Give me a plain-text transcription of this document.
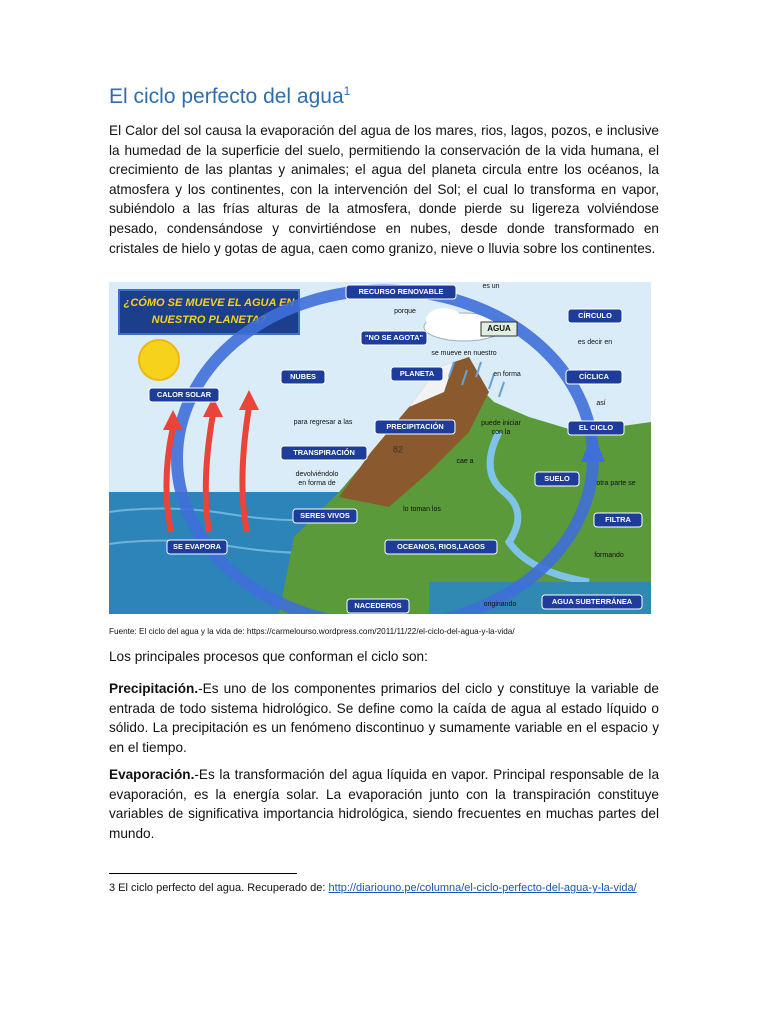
El ciclo perfecto del agua$^1$

El Calor del sol causa la evaporación del agua de los mares, rios, lagos, pozos, e inclusive la humedad de la superficie del suelo, permitiendo la conservación de la vida humana, el crecimiento de las plantas y animales; el agua del planeta circula entre los océanos, la atmosfera y los continentes, con la intervención del Sol; el cual lo transforma en vapor, subiéndolo a las frías alturas de la atmosfera, donde pierde su ligereza volviéndose pesado, condensándose y convirtiéndose en nubes, desde donde transformado en cristales de hielo y gotas de agua, caen como granizo, nieve o lluvia sobre los continentes.

¿CÓMO SE MUEVE EL AGUA EN
NUESTRO PLANETA?
RECURSO RENOVABLE
"NO SE AGOTA"
AGUA
CÍRCULO
NUBES
CALOR SOLAR
PLANETA	CÍCLICA
PRECIPITACIÓN	EL CICLO
TRANSPIRACIÓN	82
SUELO
SERES VIVOS	FILTRA
SE EVAPORA	OCEANOS, RIOS,LAGOS
NACEDEROS	AGUA SUBTERRÁNEA
es un
porque
es decir en
se mueve en nuestro
en forma
así
para regresar a las	puede iniciar
con la
cae a
devolviéndolo
en forma de	otra parte se
lo toman los
formando
originando

Fuente: El ciclo del agua y la vida de: https://carmelourso.wordpress.com/2011/11/22/el-ciclo-del-agua-y-la-vida/

Los principales procesos que conforman el ciclo son:

Precipitación.-Es uno de los componentes primarios del ciclo y constituye la variable de entrada de todo sistema hidrológico. Se define como la caída de agua al estado líquido o sólido. La precipitación es un fenómeno discontinuo y sumamente variable en el espacio y en el tiempo.

Evaporación.-Es la transformación del agua líquida en vapor. Principal responsable de la evaporación, es la energía solar. La evaporación junto con la transpiración constituye variables de significativa importancia hidrológica, siendo frecuentes en muchas partes del mundo.

3 El ciclo perfecto del agua. Recuperado de: http://diariouno.pe/columna/el-ciclo-perfecto-del-agua-y-la-vida/
